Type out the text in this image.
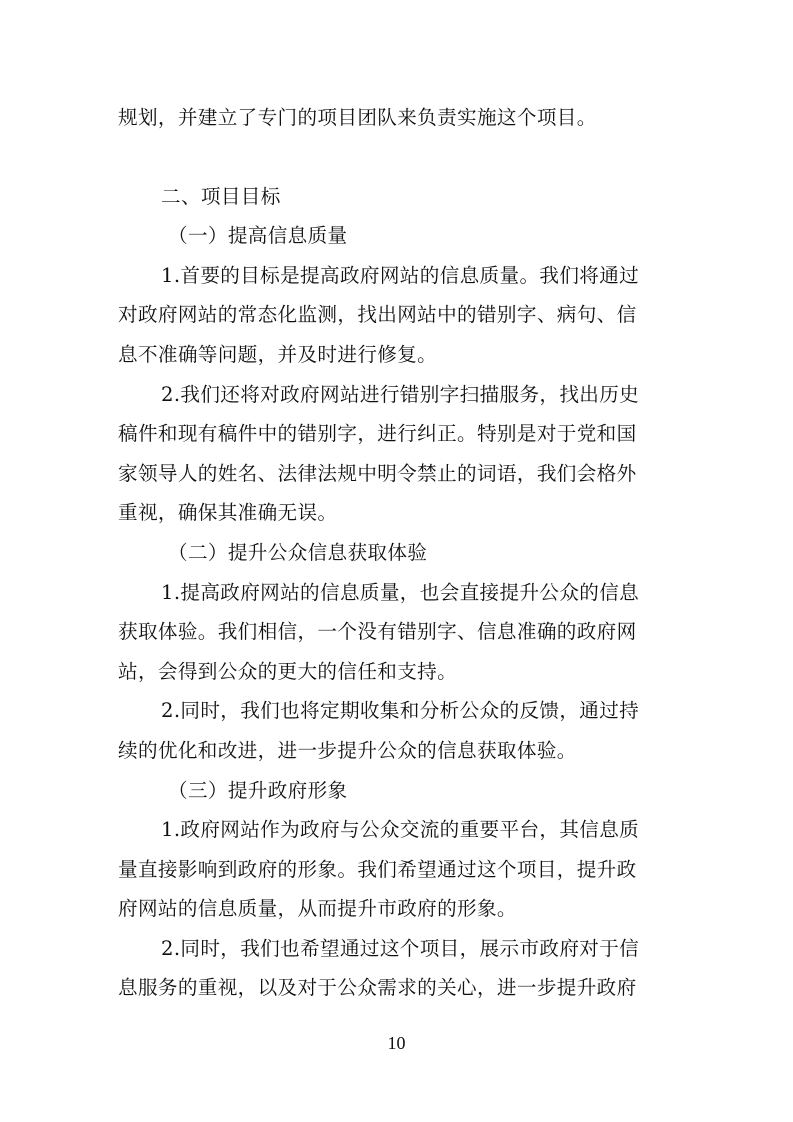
规划，并建立了专门的项目团队来负责实施这个项目。

二、项目目标

（一）提高信息质量

1.首要的目标是提高政府网站的信息质量。我们将通过

对政府网站的常态化监测，找出网站中的错别字、病句、信

息不准确等问题，并及时进行修复。

2.我们还将对政府网站进行错别字扫描服务，找出历史

稿件和现有稿件中的错别字，进行纠正。特别是对于党和国

家领导人的姓名、法律法规中明令禁止的词语，我们会格外

重视，确保其准确无误。

（二）提升公众信息获取体验

1.提高政府网站的信息质量，也会直接提升公众的信息

获取体验。我们相信，一个没有错别字、信息准确的政府网

站，会得到公众的更大的信任和支持。

2.同时，我们也将定期收集和分析公众的反馈，通过持

续的优化和改进，进一步提升公众的信息获取体验。

（三）提升政府形象

1.政府网站作为政府与公众交流的重要平台，其信息质

量直接影响到政府的形象。我们希望通过这个项目，提升政

府网站的信息质量，从而提升市政府的形象。

2.同时，我们也希望通过这个项目，展示市政府对于信

息服务的重视，以及对于公众需求的关心，进一步提升政府

10
